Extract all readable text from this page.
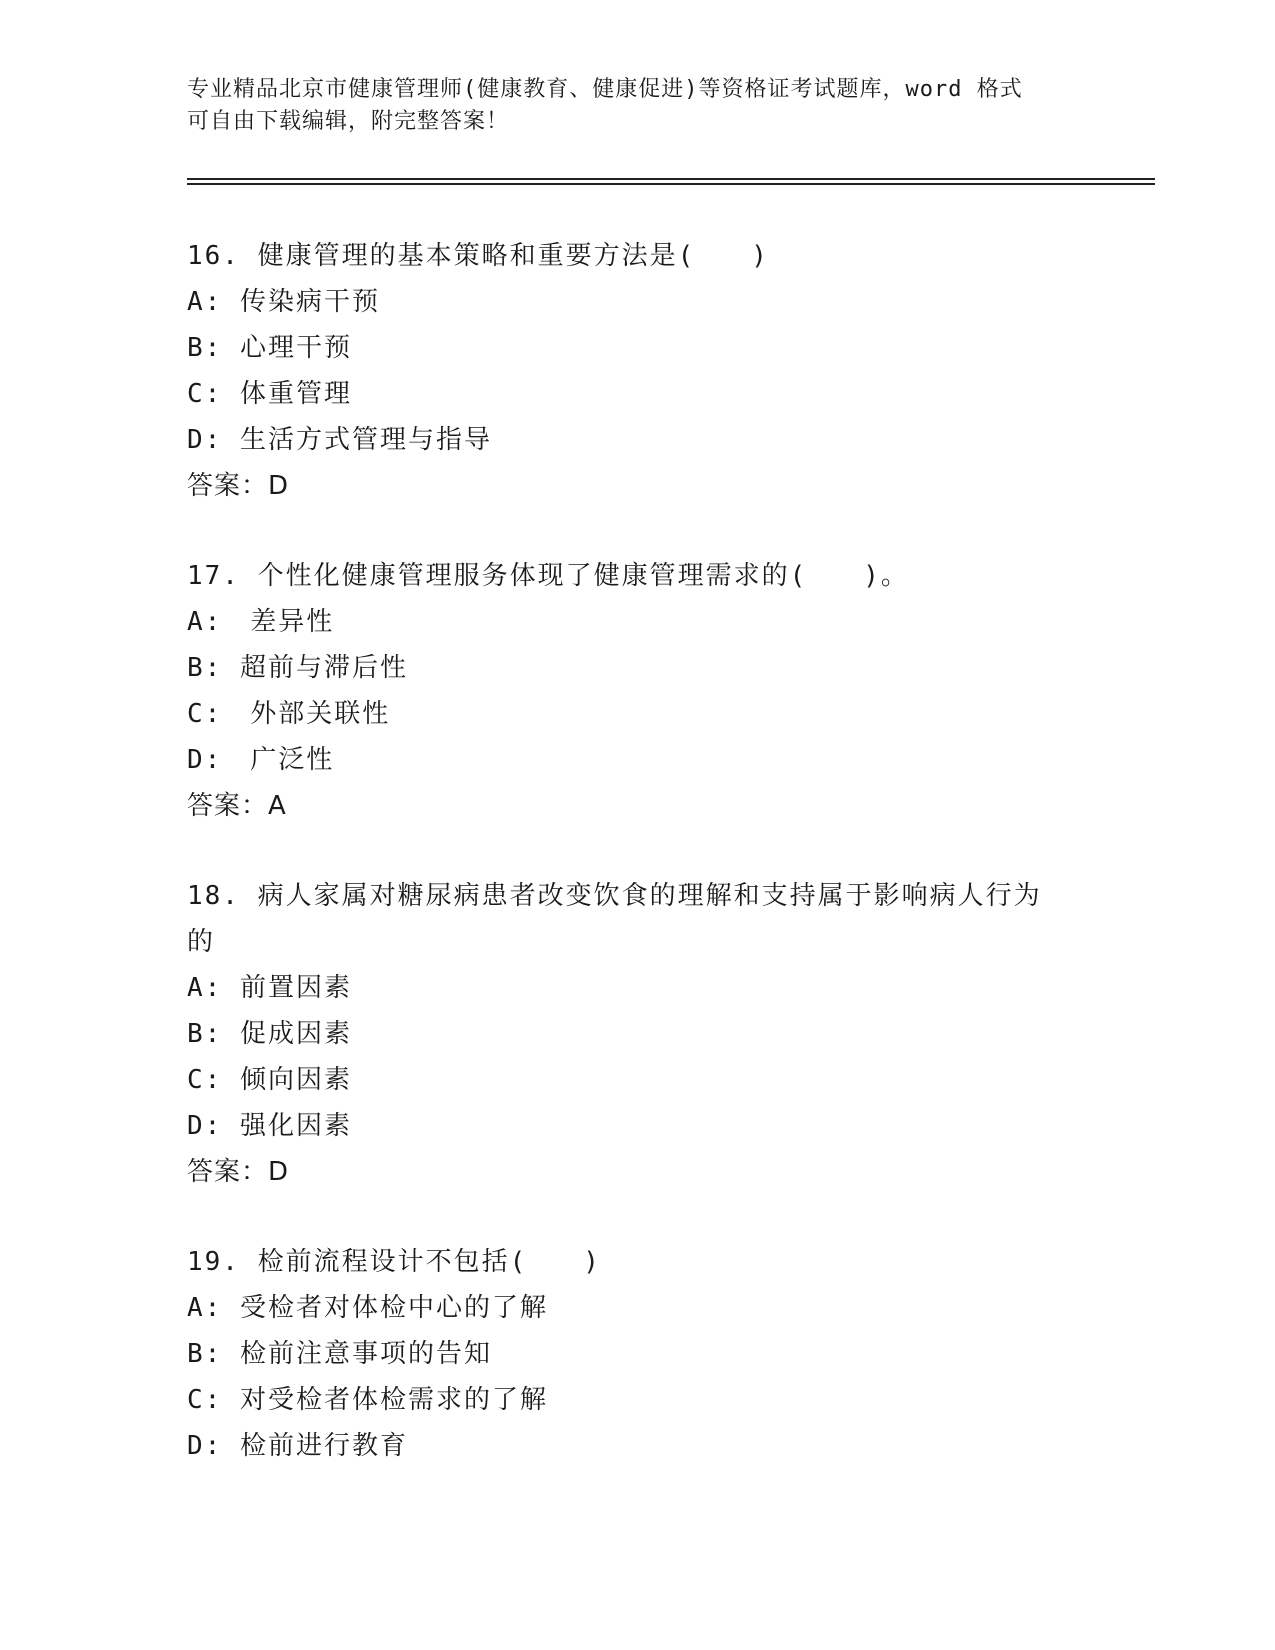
专业精品北京市健康管理师(健康教育、健康促进)等资格证考试题库，word 格式
可自由下载编辑，附完整答案！

16. 健康管理的基本策略和重要方法是(　　)

A: 传染病干预
B: 心理干预
C: 体重管理
D: 生活方式管理与指导
答案：D

17. 个性化健康管理服务体现了健康管理需求的(　　)。

A:　差异性
B: 超前与滞后性
C:　外部关联性
D:　广泛性
答案：A

18. 病人家属对糖尿病患者改变饮食的理解和支持属于影响病人行为的

A: 前置因素
B: 促成因素
C: 倾向因素
D: 强化因素
答案：D

19. 检前流程设计不包括(　　)

A: 受检者对体检中心的了解
B: 检前注意事项的告知
C: 对受检者体检需求的了解
D: 检前进行教育
